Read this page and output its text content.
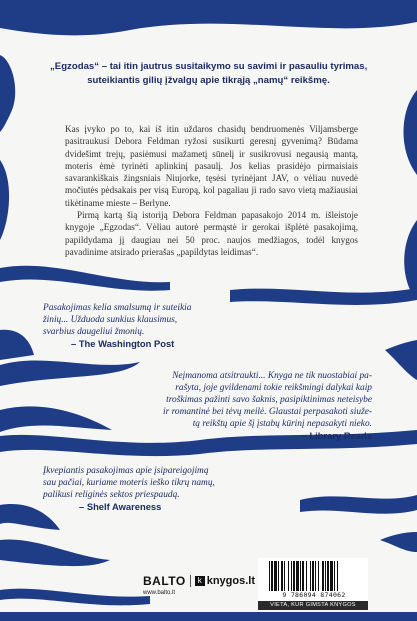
„Egzodas“ – tai itin jautrus susitaikymo su savimi ir pasauliu tyrimas,
suteikiantis gilių įžvalgų apie tikrąją „namų“ reikšmę.

Kas įvyko po to, kai iš itin uždaros chasidų bendruomenės Viljamsberge pasitraukusi Debora Feldman ryžosi susikurti geresnį gyvenimą? Būdama dvidešimt trejų, pasiėmusi mažametį sūnelį ir susikrovusi negausią mantą, moteris ėmė tyrinėti aplinkinį pasaulį. Jos kelias prasidėjo pirmaisiais savarankiškais žingsniais Niujorke, tęsėsi tyrinėjant JAV, o vėliau nuvedė močiutės pėdsakais per visą Europą, kol pagaliau ji rado savo vietą mažiausiai tikėtiname mieste – Berlyne.

Pirmą kartą šią istoriją Debora Feldman papasakojo 2014 m. išleistoje knygoje „Egzodas“. Vėliau autorė permąstė ir gerokai išplėtė pasakojimą, papildydama jį daugiau nei 50 proc. naujos medžiagos, todėl knygos pavadinime atsirado prierašas „papildytas leidimas“.

Pasakojimas kelia smalsumą ir suteikia
žinių... Užduoda sunkius klausimus,
svarbius daugeliui žmonių.
– The Washington Post
Neįmanoma atsitraukti... Knyga ne tik nuostabiai pa-
rašyta, joje gvildenami tokie reikšmingi dalykai kaip
troškimas pažinti savo šaknis, pasipiktinimas neteisybe
ir romantinė bei tėvų meilė. Glaustai perpasakoti siuže-
tą reikštų apie šį įstabų kūrinį nepasakyti nieko.
– Library Reads
Įkvepiantis pasakojimas apie įsipareigojimą
sau pačiai, kuriame moteris ieško tikrų namų,
palikusi religinės sektos priespaudą.
– Shelf Awareness
BALTO	k knygos.lt
www.balto.lt	9 786094 874062
VIETA, KUR GIMSTA KNYGOS
